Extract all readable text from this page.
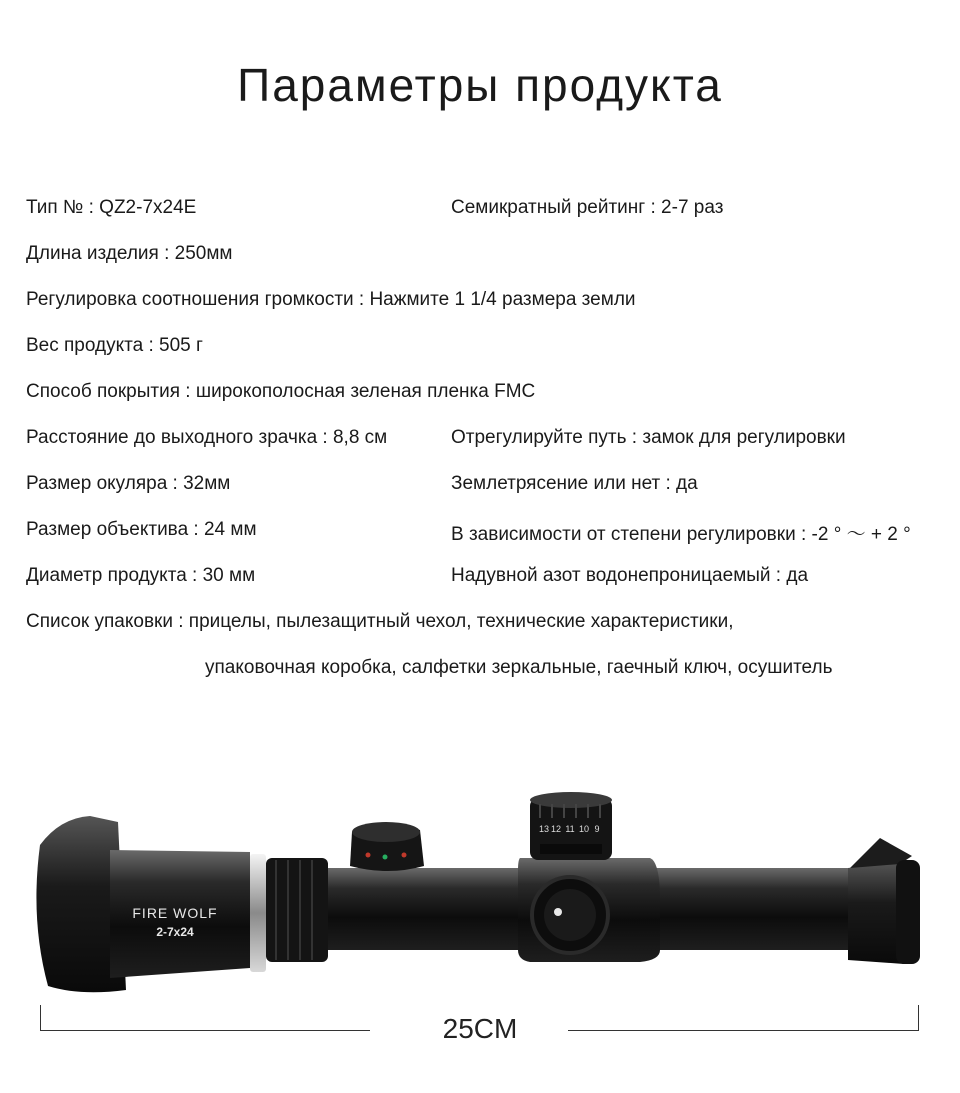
Параметры продукта
Тип № : QZ2-7x24E	Семикратный рейтинг : 2-7 раз
Длина изделия : 250мм
Регулировка соотношения громкости : Нажмите 1 1/4 размера земли
Вес продукта : 505 г
Способ покрытия : широкополосная зеленая пленка FMC
Расстояние до выходного зрачка : 8,8 см	Отрегулируйте путь : замок для регулировки
Размер окуляра : 32мм	Землетрясение или нет : да
Размер объектива : 24 мм	В зависимости от степени регулировки : -2 ° 〜 + 2 °
Диаметр продукта : 30 мм	Надувной азот водонепроницаемый : да
Список упаковки : прицелы, пылезащитный чехол, технические характеристики,
упаковочная коробка, салфетки зеркальные, гаечный ключ, осушитель
FIRE WOLF
2-7x24
13 12 11 10 9
25CM
